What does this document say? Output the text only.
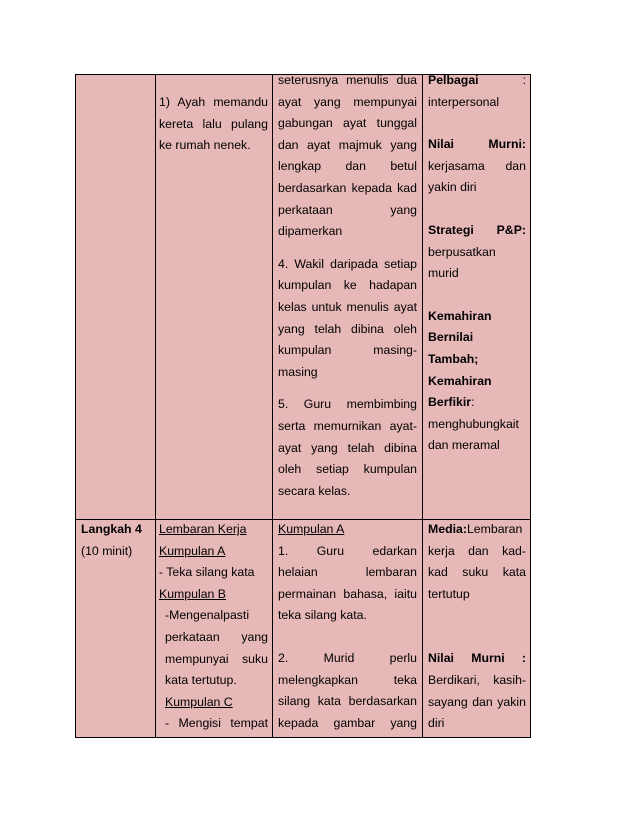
1) Ayah memandu

kereta lalu pulang

ke rumah nenek.

seterusnya menulis dua

ayat yang mempunyai

gabungan ayat tunggal

dan ayat majmuk yang

lengkap dan betul

berdasarkan kepada kad

perkataan yang

dipamerkan

4. Wakil daripada setiap

kumpulan ke hadapan

kelas untuk menulis ayat

yang telah dibina oleh

kumpulan masing-

masing

5. Guru membimbing

serta memurnikan ayat-

ayat yang telah dibina

oleh setiap kumpulan

secara kelas.

Pelbagai	:

interpersonal

Nilai Murni:

kerjasama dan

yakin diri

Strategi P&P:

berpusatkan

murid

Kemahiran

Bernilai

Tambah;

Kemahiran

Berfikir:

menghubungkait

dan meramal

Langkah 4

(10 minit)

Lembaran Kerja

Kumpulan A

- Teka silang kata

Kumpulan B

-Mengenalpasti

perkataan yang

mempunyai suku

kata tertutup.

Kumpulan C

- Mengisi tempat

Kumpulan A

1. Guru edarkan

helaian lembaran

permainan bahasa, iaitu

teka silang kata.

2. Murid perlu

melengkapkan teka

silang kata berdasarkan

kepada gambar yang

Media:Lembaran

kerja dan kad-

kad suku kata

tertutup

Nilai Murni :

Berdikari, kasih-

sayang dan yakin

diri
